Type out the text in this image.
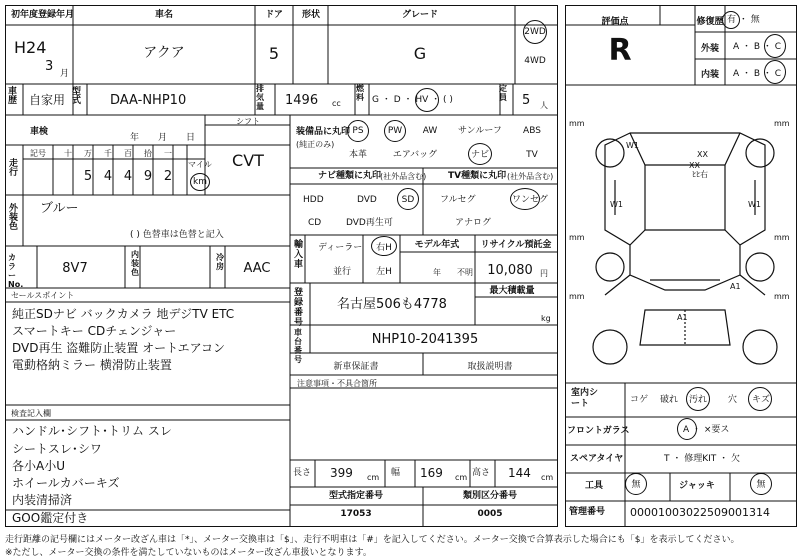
初年度登録年月	車名	ドア 形状	グレード
H24
3 月
アクア	5	G
2WD
4WD
車歴 自家用
型式 DAA-NHP10
排気量 1496 cc
燃料 G ・ D ・ HV ・ ( )
定員 5 人
車検
年 月 日
シフト
CVT
走行
記号 十 万 千 百 拾 一
5 4 4 9 2
マイル
km
外装色
ブルー
( ) 色替車は色替と記入
カラーNo.
8V7
内装色
冷房 AAC
セールスポイント
純正SDナビ バックカメラ 地デジTV ETC
スマートキー CDチェンジャー
DVD再生 盗難防止装置 オートエアコン
電動格納ミラー 横滑防止装置
検査記入欄
ハンドル･シフト･トリム スレ
シートスレ･シワ
各小A小U
ホイールカバーキズ
内装清掃済
GOO鑑定付き
装備品に丸印
(純正のみ)
PS	PW AW サンルーフ ABS
本革	エアバッグ	ナビ	TV
ナビ種類に丸印
(社外品含む)
HDD	DVD	SD
CD	DVD再生可
TV種類に丸印 (社外品含む)
フルセグ	ワンセグ
アナログ
輸入車
ディーラー
並行
右H
左H
モデル年式
年 不明
リサイクル預託金
10,080 円
登録番号
名古屋506も4778
最大積載量
kg
車台番号
NHP10-2041395
新車保証書	取扱説明書
注意事項・不具合箇所
長さ 399 cm 幅 169 cm 高さ 144 cm
型式指定番号
17053
類別区分番号
0005
評価点
R
修復歴 有 ・ 無
外装 A ・ B ・ C
内装 A ・ B ・ C
W1
W1	W1
XX
XX
A1
A1
ﾋﾋ右
mm	mm
mm	mm
mm	mm
室内シート	コゲ 破れ 汚れ 穴 キズ
フロントガラス	A ・ ×要ス
スペアタイヤ	T ・ 修理KIT ・ 欠
工具	無	ジャッキ	無
管理番号 00001003022509001314
走行距離の記号欄にはメーター改ざん車は「*」、メーター交換車は「$」、走行不明車は「#」を記入してください。メーター交換で合算表示した場合にも「$」を表示してください。
※ただし、メーター交換の条件を満たしていないものはメーター改ざん車扱いとなります。
